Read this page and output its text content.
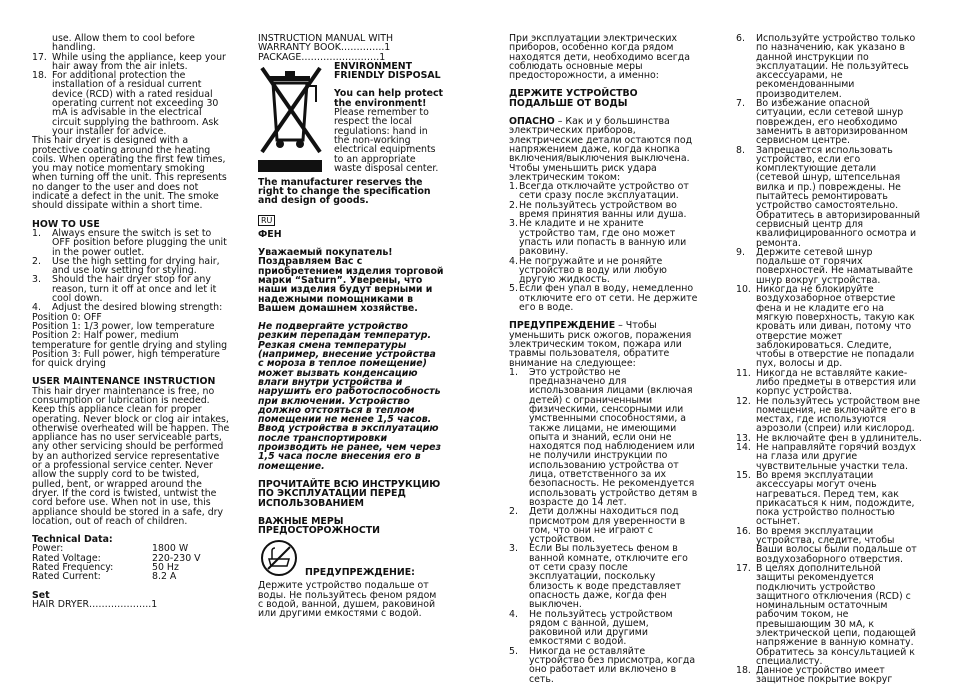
use. Allow them to cool before handling.
17. While using the appliance, keep your hair away from the air inlets.
18. For additional protection the installation of a residual current device (RCD) with a rated residual operating current not exceeding 30 mA is advisable in the electrical circuit supplying the bathroom. Ask your installer for advice.

This hair dryer is designed with a protective coating around the heating coils. When operating the first few times, you may notice momentary smoking when turning off the unit. This represents no danger to the user and does not indicate a defect in the unit. The smoke should dissipate within a short time.

HOW TO USE

1. Always ensure the switch is set to OFF position before plugging the unit in the power outlet.
2. Use the high setting for drying hair, and use low setting for styling.
3. Should the hair dryer stop for any reason, turn it off at once and let it cool down.
4. Adjust the desired blowing strength:

Position 0: OFF

Position 1: 1/3 power, low temperature

Position 2: Half power, medium temperature for gentle drying and styling

Position 3: Full power, high temperature for quick drying

USER MAINTENANCE INSTRUCTION

This hair dryer maintenance is free, no consumption or lubrication is needed. Keep this appliance clean for proper operating. Never block or clog air intakes, otherwise overheated will be happen. The appliance has no user serviceable parts, any other servicing should be performed by an authorized service representative or a professional service center. Never allow the supply cord to be twisted, pulled, bent, or wrapped around the dryer. If the cord is twisted, untwist the cord before use. When not in use, this appliance should be stored in a safe, dry location, out of reach of children.

Technical Data:

Power:	1800 W
Rated Voltage:	220-230 V
Rated Frequency:	50 Hz
Rated Current:	8.2 A

Set

HAIR DRYER………………..1

INSTRUCTION MANUAL WITH WARRANTY BOOK…………..1

PACKAGE…………………….1

ENVIRONMENT FRIENDLY DISPOSAL

You can help protect the environment!

Please remember to respect the local regulations: hand in the non-working electrical equipments to an appropriate waste disposal center.

The manufacturer reserves the right to change the specification and design of goods.

RU

ФЕН

Уважаемый покупатель! Поздравляем Вас с приобретением изделия торговой марки “Saturn”. Уверены, что наши изделия будут верными и надежными помощниками в Вашем домашнем хозяйстве.

Не подвергайте устройство резким перепадам температур. Резкая смена температуры (например, внесение устройства с мороза в теплое помещение) может вызвать конденсацию влаги внутри устройства и нарушить его работоспособность при включении. Устройство должно отстояться в теплом помещении не менее 1,5 часов.

Ввод устройства в эксплуатацию после транспортировки производить не ранее, чем через 1,5 часа после внесения его в помещение.

ПРОЧИТАЙТЕ ВСЮ ИНСТРУКЦИЮ ПО ЭКСПЛУАТАЦИИ ПЕРЕД ИСПОЛЬЗОВАНИЕМ

ВАЖНЫЕ МЕРЫ ПРЕДОСТОРОЖНОСТИ

ПРЕДУПРЕЖДЕНИЕ:

Держите устройство подальше от воды. Не пользуйтесь феном рядом с водой, ванной, душем, раковиной или другими емкостями с водой.

При эксплуатации электрических приборов, особенно когда рядом находятся дети, необходимо всегда соблюдать основные меры предосторожности, а именно:

ДЕРЖИТЕ УСТРОЙСТВО ПОДАЛЬШЕ ОТ ВОДЫ

ОПАСНО – Как и у большинства электрических приборов, электрические детали остаются под напряжением даже, когда кнопка включения/выключения выключена. Чтобы уменьшить риск удара электрическим током:

1. Всегда отключайте устройство от сети сразу после эксплуатации.
2. Не пользуйтесь устройством во время принятия ванны или душа.
3. Не кладите и не храните устройство там, где оно может упасть или попасть в ванную или раковину.
4. Не погружайте и не роняйте устройство в воду или любую другую жидкость.
5. Если фен упал в воду, немедленно отключите его от сети. Не держите его в воде.

ПРЕДУПРЕЖДЕНИЕ – Чтобы уменьшить риск ожогов, поражения электрическим током, пожара или травмы пользователя, обратите внимание на следующее:

1. Это устройство не предназначено для использования лицами (включая детей) с ограниченными физическими, сенсорными или умственными способностями, а также лицами, не имеющими опыта и знаний, если они не находятся под наблюдением или не получили инструкции по использованию устройства от лица, ответственного за их безопасность. Не рекомендуется использовать устройство детям в возрасте до 14 лет.
2. Дети должны находиться под присмотром для уверенности в том, что они не играют с устройством.
3. Если Вы пользуетесь феном в ванной комнате, отключите его от сети сразу после эксплуатации, поскольку близость к воде представляет опасность даже, когда фен выключен.
4. Не пользуйтесь устройством рядом с ванной, душем, раковиной или другими емкостями с водой.
5. Никогда не оставляйте устройство без присмотра, когда оно работает или включено в сеть.
6. Используйте устройство только по назначению, как указано в данной инструкции по эксплуатации. Не пользуйтесь аксессуарами, не рекомендованными производителем.
7. Во избежание опасной ситуации, если сетевой шнур поврежден, его необходимо заменить в авторизированном сервисном центре.
8. Запрещается использовать устройство, если его комплектующие детали (сетевой шнур, штепсельная вилка и пр.) повреждены. Не пытайтесь ремонтировать устройство самостоятельно. Обратитесь в авторизированный сервисный центр для квалифицированного осмотра и ремонта.
9. Держите сетевой шнур подальше от горячих поверхностей. Не наматывайте шнур вокруг устройства.
10. Никогда не блокируйте воздухозаборное отверстие фена и не кладите его на мягкую поверхность, такую как кровать или диван, потому что отверстие может заблокироваться. Следите, чтобы в отверстие не попадали пух, волосы и др.
11. Никогда не вставляйте какие-либо предметы в отверстия или корпус устройства.
12. Не пользуйтесь устройством вне помещения, не включайте его в местах, где используются аэрозоли (спреи) или кислород.
13. Не включайте фен в удлинитель.
14. Не направляйте горячий воздух на глаза или другие чувствительные участки тела.
15. Во время эксплуатации аксессуары могут очень нагреваться. Перед тем, как прикасаться к ним, подождите, пока устройство полностью остынет.
16. Во время эксплуатации устройства, следите, чтобы Ваши волосы были подальше от воздухозаборного отверстия.
17. В целях дополнительной защиты рекомендуется подключить устройство защитного отключения (RCD) с номинальным остаточным рабочим током, не превышающим 30 мА, к электрической цепи, подающей напряжение в ванную комнату. Обратитесь за консультацией к специалисту.
18. Данное устройство имеет защитное покрытие вокруг
